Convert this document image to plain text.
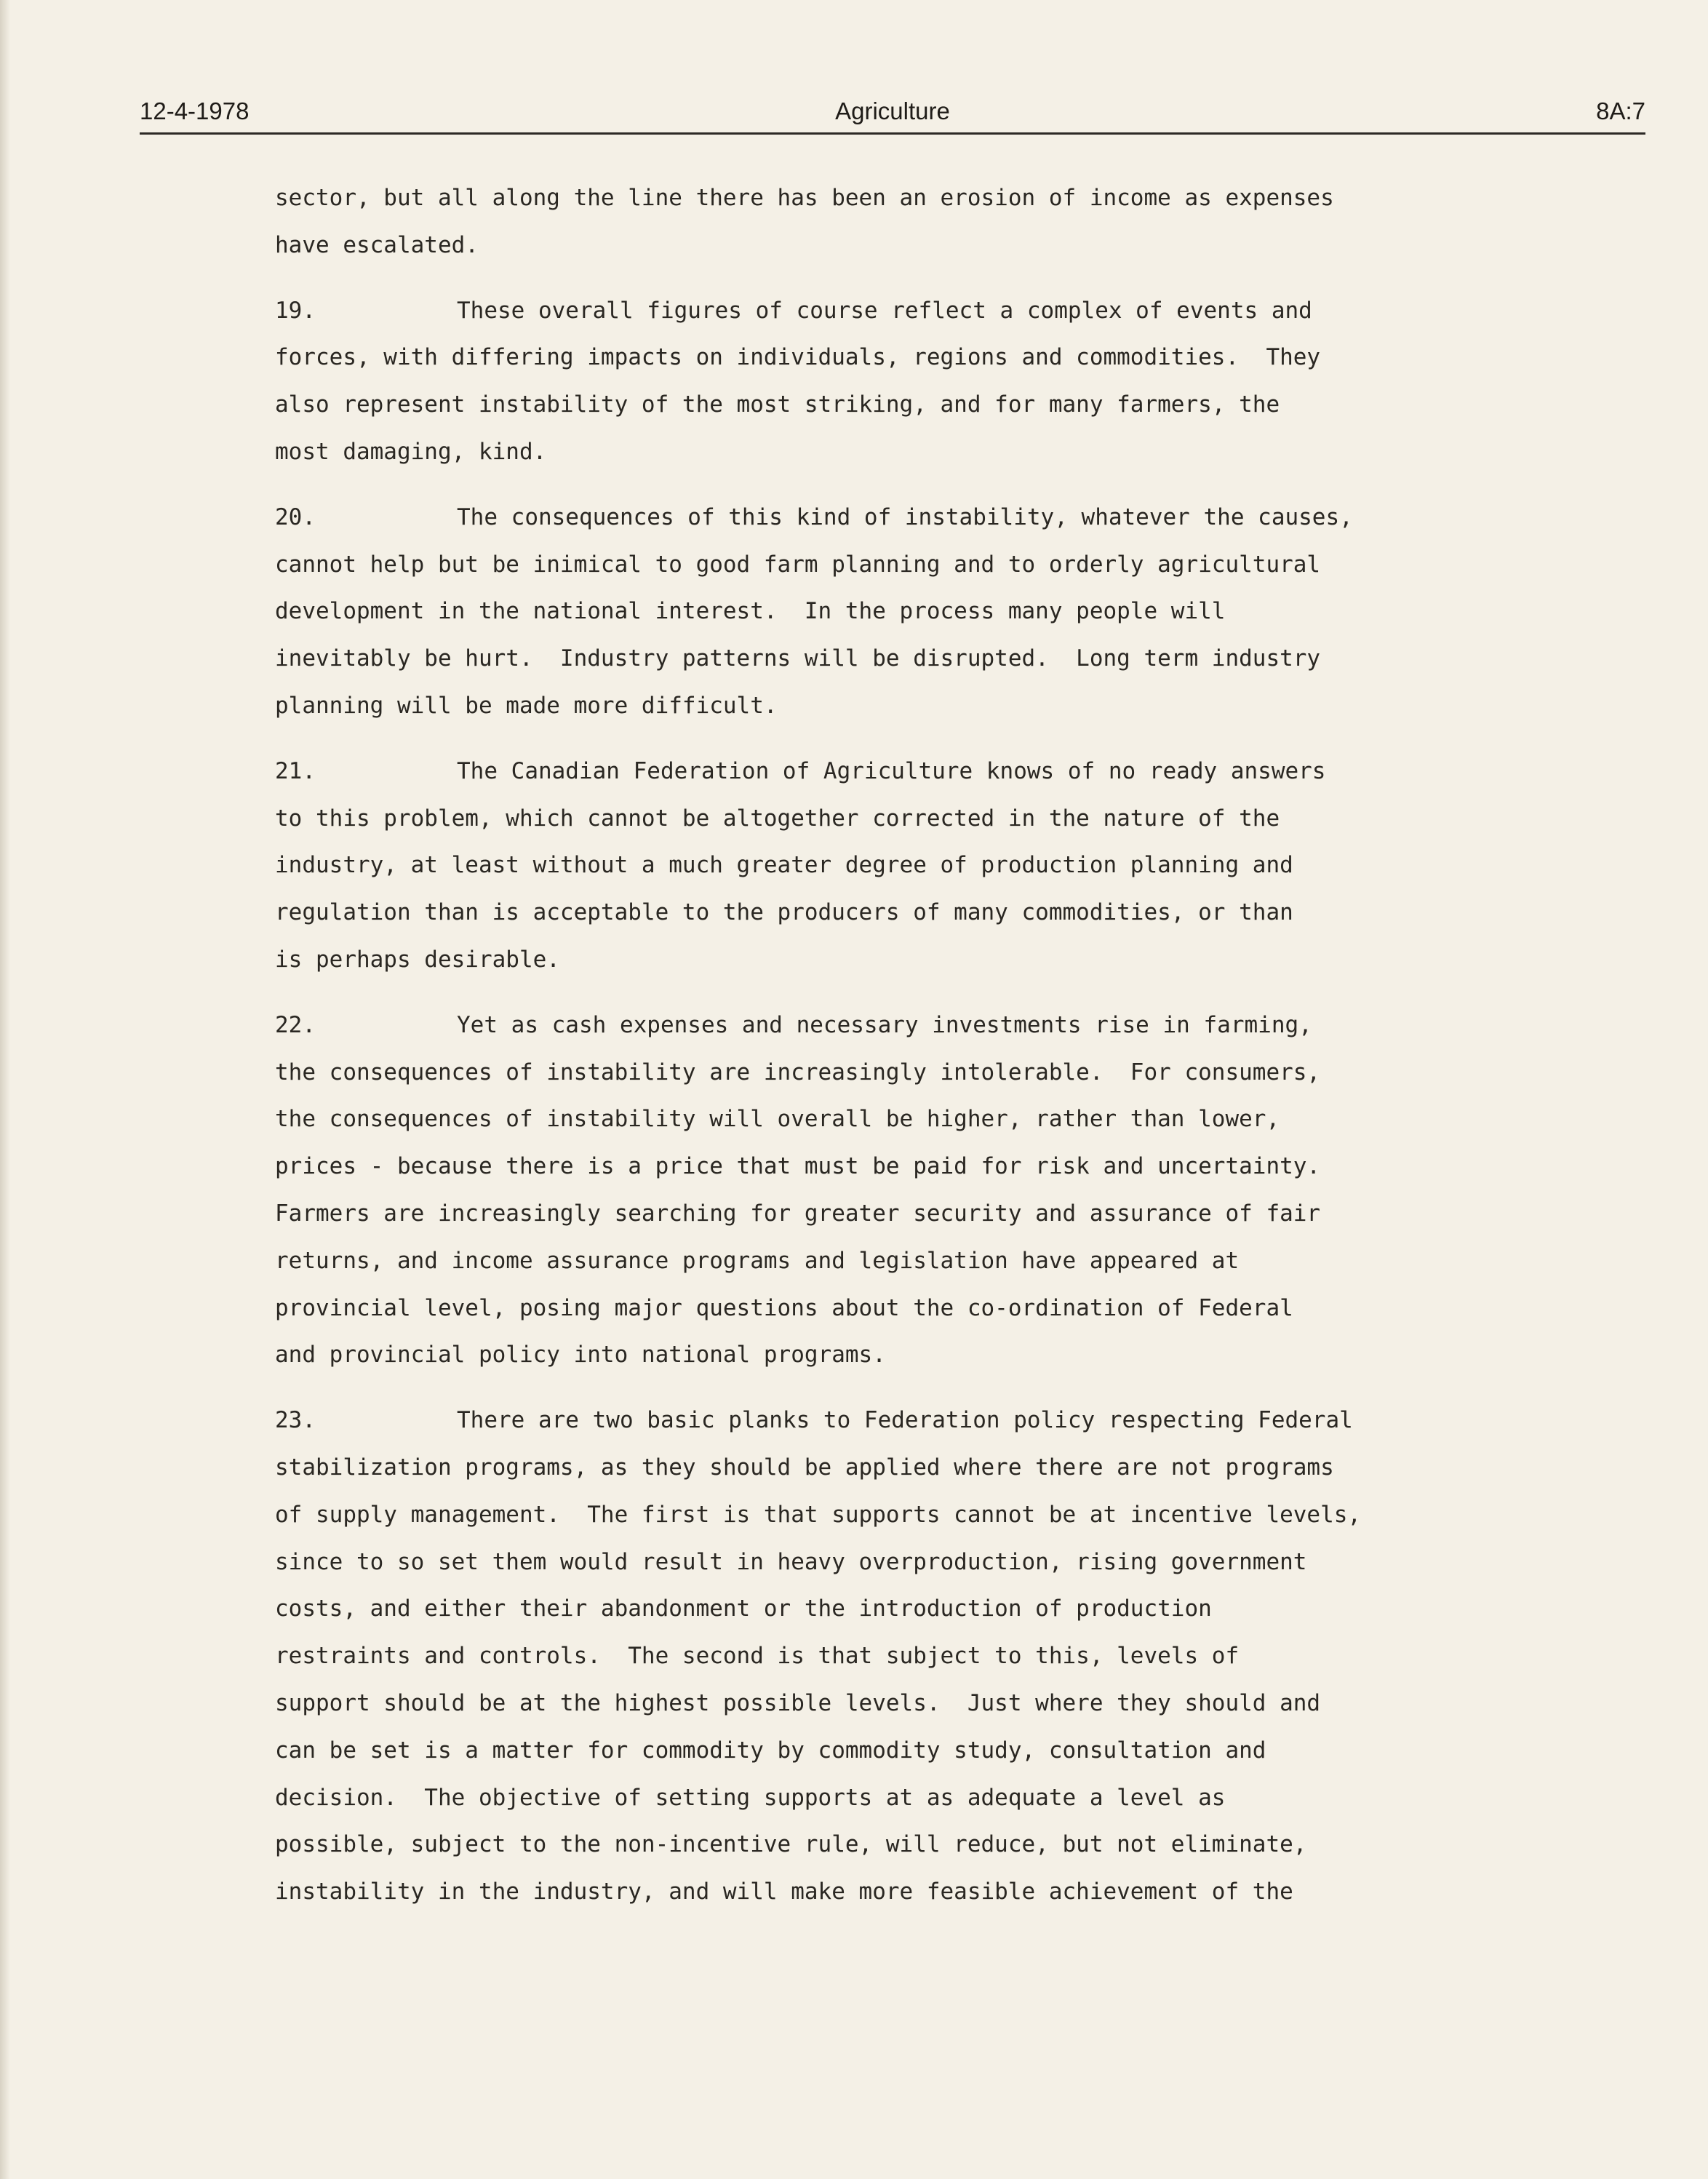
Agriculture
12-4-1978	8A:7
sector, but all along the line there has been an erosion of income as expenses
have escalated.
19.	These overall figures of course reflect a complex of events and
forces, with differing impacts on individuals, regions and commodities.  They
also represent instability of the most striking, and for many farmers, the
most damaging, kind.
20.	The consequences of this kind of instability, whatever the causes,
cannot help but be inimical to good farm planning and to orderly agricultural
development in the national interest.  In the process many people will
inevitably be hurt.  Industry patterns will be disrupted.  Long term industry
planning will be made more difficult.
21.	The Canadian Federation of Agriculture knows of no ready answers
to this problem, which cannot be altogether corrected in the nature of the
industry, at least without a much greater degree of production planning and
regulation than is acceptable to the producers of many commodities, or than
is perhaps desirable.
22.	Yet as cash expenses and necessary investments rise in farming,
the consequences of instability are increasingly intolerable.  For consumers,
the consequences of instability will overall be higher, rather than lower,
prices - because there is a price that must be paid for risk and uncertainty.
Farmers are increasingly searching for greater security and assurance of fair
returns, and income assurance programs and legislation have appeared at
provincial level, posing major questions about the co-ordination of Federal
and provincial policy into national programs.
23.	There are two basic planks to Federation policy respecting Federal
stabilization programs, as they should be applied where there are not programs
of supply management.  The first is that supports cannot be at incentive levels,
since to so set them would result in heavy overproduction, rising government
costs, and either their abandonment or the introduction of production
restraints and controls.  The second is that subject to this, levels of
support should be at the highest possible levels.  Just where they should and
can be set is a matter for commodity by commodity study, consultation and
decision.  The objective of setting supports at as adequate a level as
possible, subject to the non-incentive rule, will reduce, but not eliminate,
instability in the industry, and will make more feasible achievement of the
